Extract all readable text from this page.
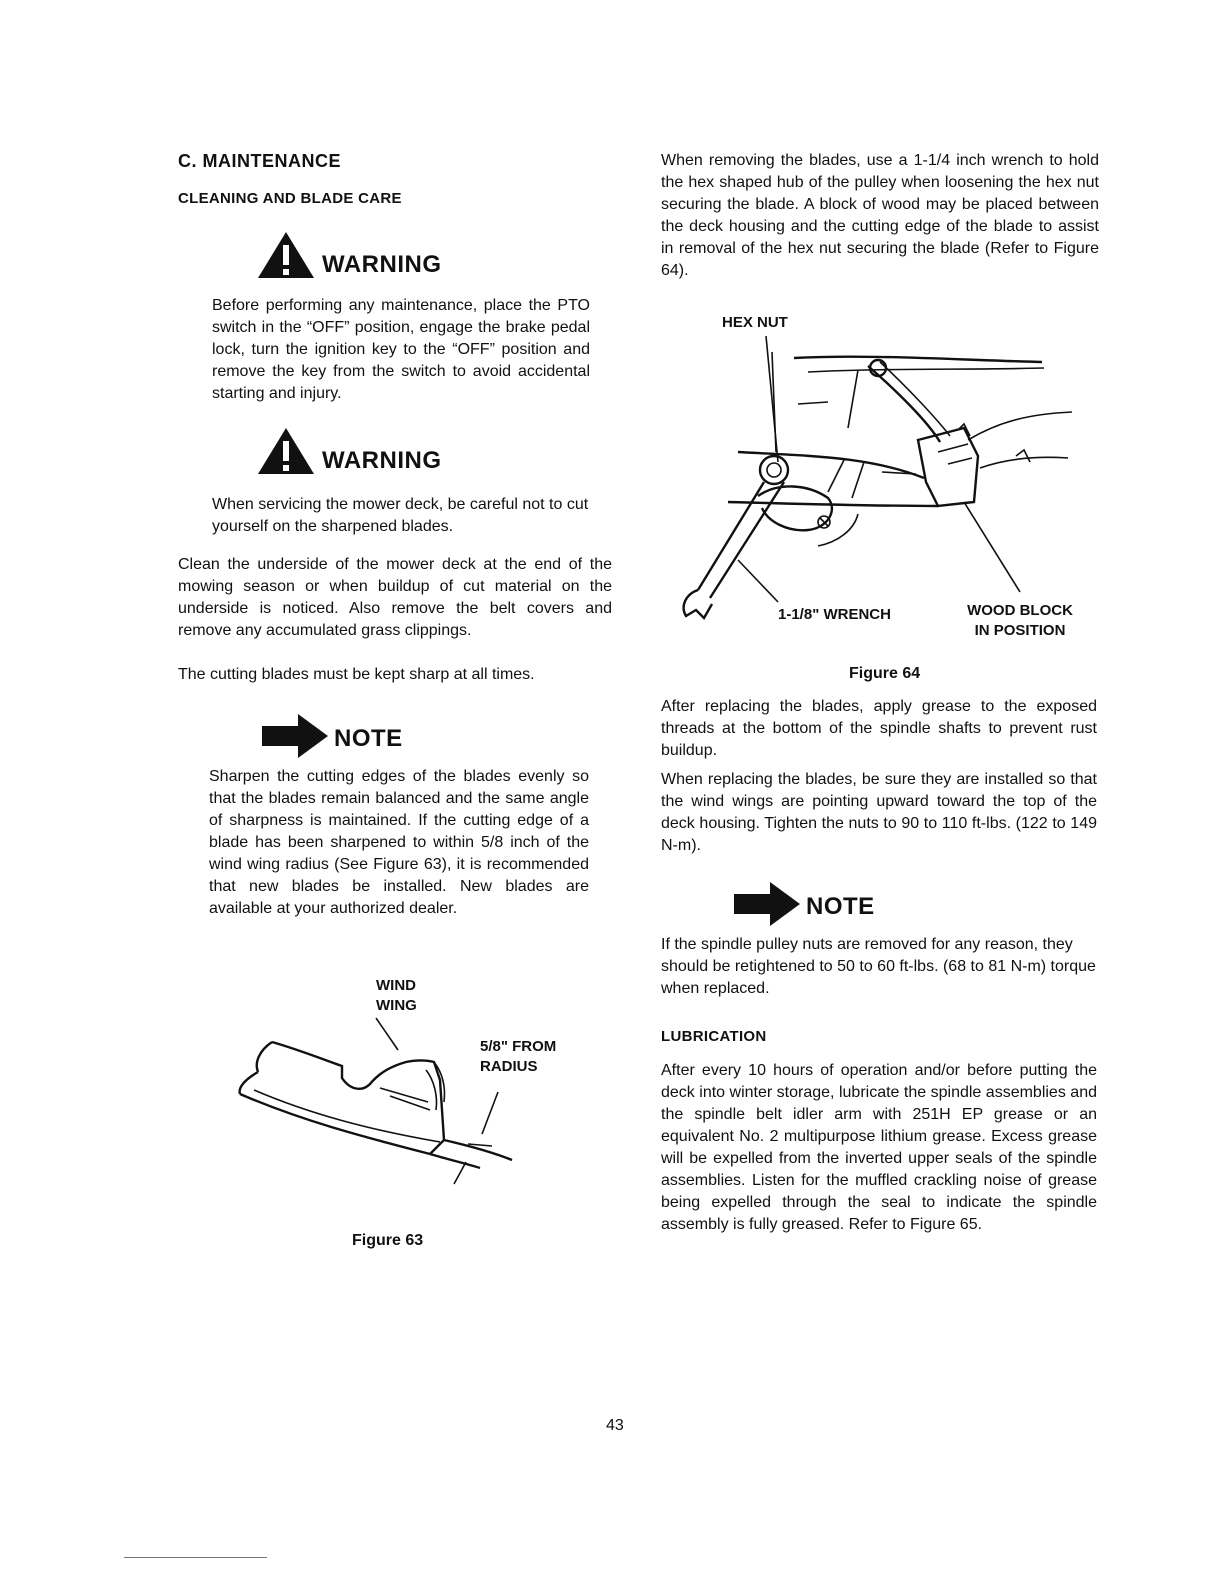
C. MAINTENANCE
CLEANING AND BLADE CARE
WARNING
Before performing any maintenance, place the PTO switch in the “OFF” position, engage the brake pedal lock, turn the ignition key to the “OFF” position and remove the key from the switch to avoid accidental starting and injury.
WARNING
When servicing the mower deck, be careful not to cut yourself on the sharpened blades.
Clean the underside of the mower deck at the end of the mowing season or when buildup of cut material on the underside is noticed. Also remove the belt covers and remove any accumulated grass clippings.
The cutting blades must be kept sharp at all times.
NOTE
Sharpen the cutting edges of the blades evenly so that the blades remain balanced and the same angle of sharpness is maintained. If the cutting edge of a blade has been sharpened to within 5/8 inch of the wind wing radius (See Figure 63), it is recommended that new blades be installed. New blades are available at your authorized dealer.
WIND
WING
5/8" FROM
RADIUS
Figure 63
When removing the blades, use a 1-1/4 inch wrench to hold the hex shaped hub of the pulley when loosening the hex nut securing the blade. A block of wood may be placed between the deck housing and the cutting edge of the blade to assist in removal of the hex nut securing the blade (Refer to Figure 64).
HEX NUT
1-1/8" WRENCH	WOOD BLOCK
IN POSITION
Figure 64
After replacing the blades, apply grease to the exposed threads at the bottom of the spindle shafts to prevent rust buildup.
When replacing the blades, be sure they are installed so that the wind wings are pointing upward toward the top of the deck housing. Tighten the nuts to 90 to 110 ft-lbs. (122 to 149 N-m).
NOTE
If the spindle pulley nuts are removed for any reason, they should be retightened to 50 to 60 ft-lbs. (68 to 81 N-m) torque when replaced.
LUBRICATION
After every 10 hours of operation and/or before putting the deck into winter storage, lubricate the spindle assemblies and the spindle belt idler arm with 251H EP grease or an equivalent No. 2 multipurpose lithium grease. Excess grease will be expelled from the inverted upper seals of the spindle assemblies. Listen for the muffled crackling noise of grease being expelled through the seal to indicate the spindle assembly is fully greased. Refer to Figure 65.
43
